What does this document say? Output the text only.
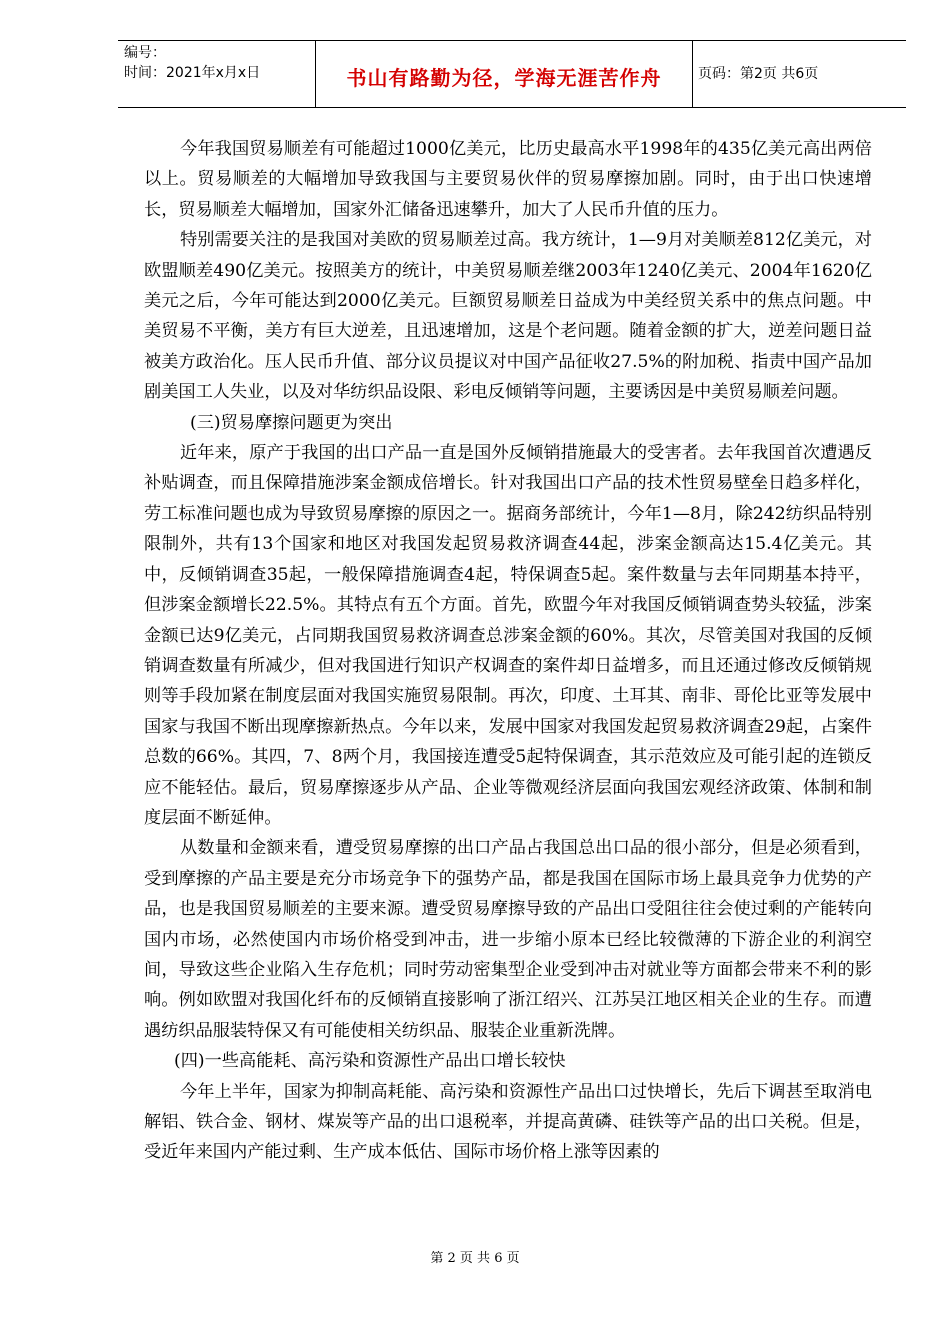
编号：
时间：2021年x月x日	书山有路勤为径，学海无涯苦作舟	页码：第2页 共6页

今年我国贸易顺差有可能超过1000亿美元，比历史最高水平1998年的435亿美元高出两倍以上。贸易顺差的大幅增加导致我国与主要贸易伙伴的贸易摩擦加剧。同时，由于出口快速增长，贸易顺差大幅增加，国家外汇储备迅速攀升，加大了人民币升值的压力。

特别需要关注的是我国对美欧的贸易顺差过高。我方统计，1—9月对美顺差812亿美元，对欧盟顺差490亿美元。按照美方的统计，中美贸易顺差继2003年1240亿美元、2004年1620亿美元之后，今年可能达到2000亿美元。巨额贸易顺差日益成为中美经贸关系中的焦点问题。中美贸易不平衡，美方有巨大逆差，且迅速增加，这是个老问题。随着金额的扩大，逆差问题日益被美方政治化。压人民币升值、部分议员提议对中国产品征收27.5%的附加税、指责中国产品加剧美国工人失业，以及对华纺织品设限、彩电反倾销等问题，主要诱因是中美贸易顺差问题。

(三)贸易摩擦问题更为突出

近年来，原产于我国的出口产品一直是国外反倾销措施最大的受害者。去年我国首次遭遇反补贴调查，而且保障措施涉案金额成倍增长。针对我国出口产品的技术性贸易壁垒日趋多样化，劳工标准问题也成为导致贸易摩擦的原因之一。据商务部统计，今年1—8月，除242纺织品特别限制外，共有13个国家和地区对我国发起贸易救济调查44起，涉案金额高达15.4亿美元。其中，反倾销调查35起，一般保障措施调查4起，特保调查5起。案件数量与去年同期基本持平，但涉案金额增长22.5%。其特点有五个方面。首先，欧盟今年对我国反倾销调查势头较猛，涉案金额已达9亿美元，占同期我国贸易救济调查总涉案金额的60%。其次，尽管美国对我国的反倾销调查数量有所减少，但对我国进行知识产权调查的案件却日益增多，而且还通过修改反倾销规则等手段加紧在制度层面对我国实施贸易限制。再次，印度、土耳其、南非、哥伦比亚等发展中国家与我国不断出现摩擦新热点。今年以来，发展中国家对我国发起贸易救济调查29起，占案件总数的66%。其四，7、8两个月，我国接连遭受5起特保调查，其示范效应及可能引起的连锁反应不能轻估。最后，贸易摩擦逐步从产品、企业等微观经济层面向我国宏观经济政策、体制和制度层面不断延伸。

从数量和金额来看，遭受贸易摩擦的出口产品占我国总出口品的很小部分，但是必须看到，受到摩擦的产品主要是充分市场竞争下的强势产品，都是我国在国际市场上最具竞争力优势的产品，也是我国贸易顺差的主要来源。遭受贸易摩擦导致的产品出口受阻往往会使过剩的产能转向国内市场，必然使国内市场价格受到冲击，进一步缩小原本已经比较微薄的下游企业的利润空间，导致这些企业陷入生存危机；同时劳动密集型企业受到冲击对就业等方面都会带来不利的影响。例如欧盟对我国化纤布的反倾销直接影响了浙江绍兴、江苏吴江地区相关企业的生存。而遭遇纺织品服装特保又有可能使相关纺织品、服装企业重新洗牌。

(四)一些高能耗、高污染和资源性产品出口增长较快

今年上半年，国家为抑制高耗能、高污染和资源性产品出口过快增长，先后下调甚至取消电解铝、铁合金、钢材、煤炭等产品的出口退税率，并提高黄磷、硅铁等产品的出口关税。但是，受近年来国内产能过剩、生产成本低估、国际市场价格上涨等因素的

第 2 页 共 6 页
